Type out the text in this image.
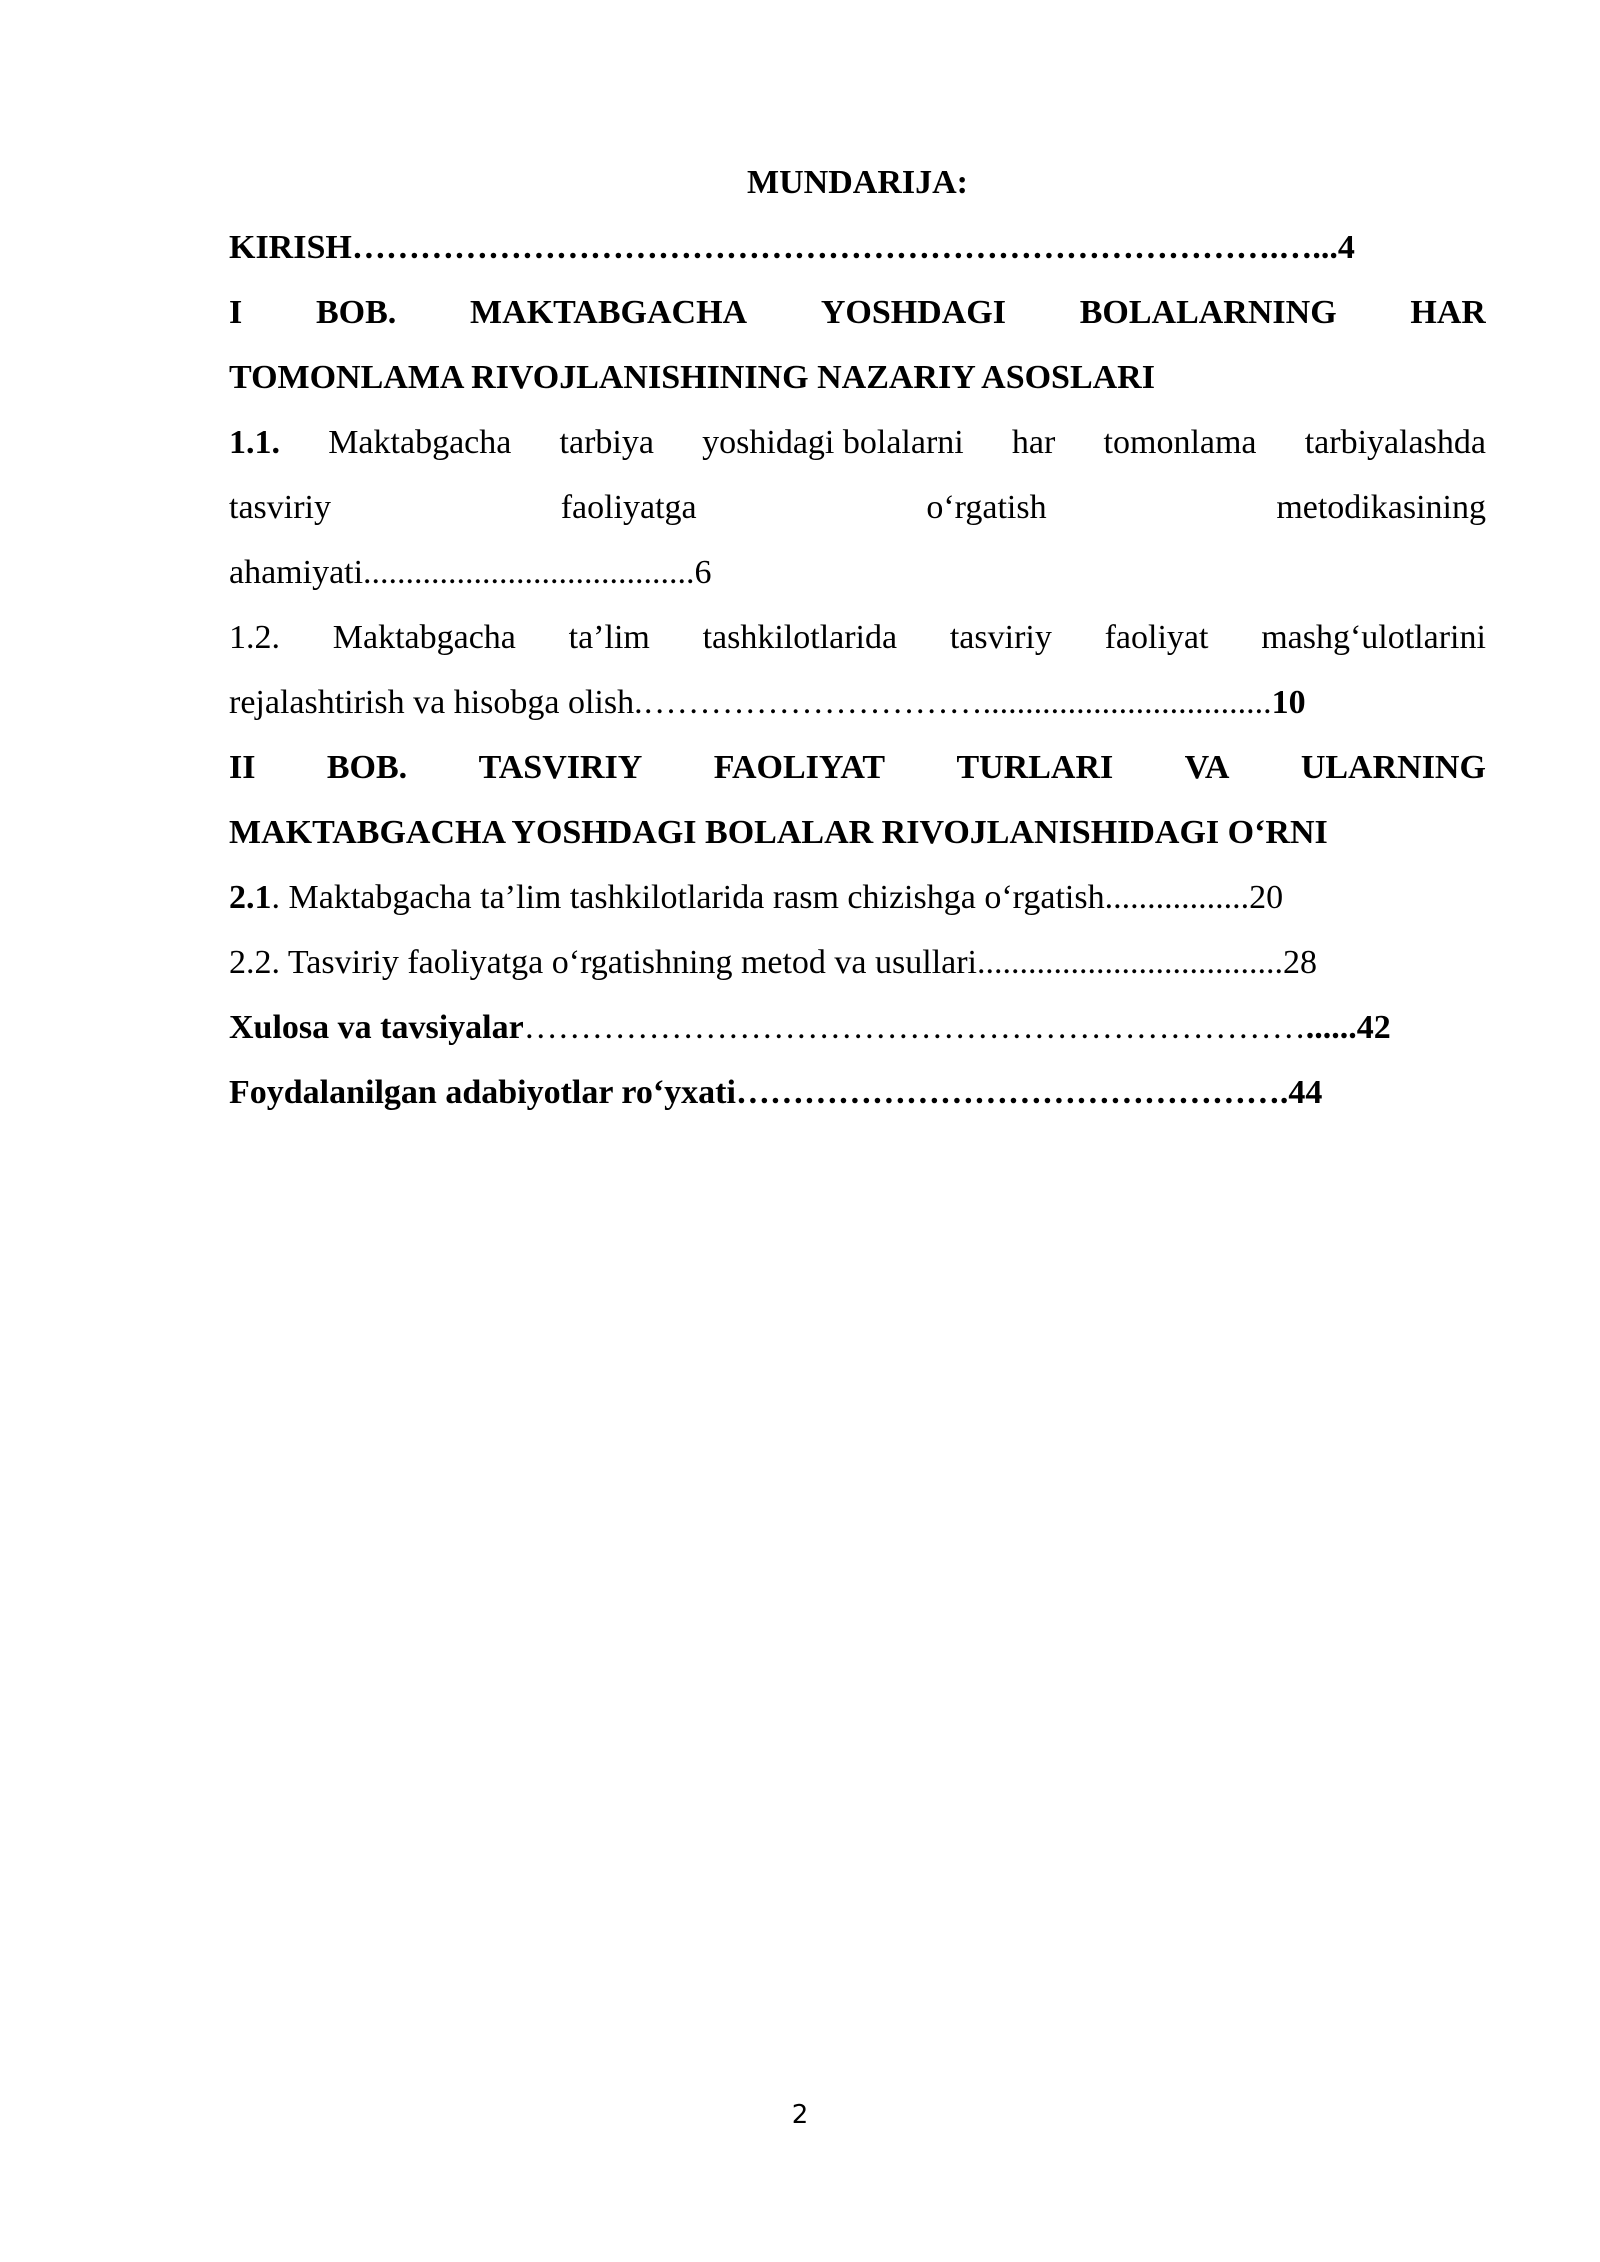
MUNDARIJA:

KIRISH……………………………………………………………………….…...4

I BOB. MAKTABGACHA YOSHDAGI BOLALARNING HAR

TOMONLAMA RIVOJLANISHINING NAZARIY ASOSLARI

1.1. Maktabgacha tarbiya yoshidagi bolalarni har tomonlama tarbiyalashda

tasviriy	faoliyatga	o‘rgatish	metodikasining

ahamiyati.......................................6

1.2. Maktabgacha ta’lim tashkilotlarida tasviriy faoliyat mashg‘ulotlarini

rejalashtirish va hisobga olish.…………………………..................................10

II BOB. TASVIRIY FAOLIYAT TURLARI VA ULARNING

MAKTABGACHA YOSHDAGI BOLALAR RIVOJLANISHIDAGI O‘RNI

2.1. Maktabgacha ta’lim tashkilotlarida rasm chizishga o‘rgatish.................20

2.2. Tasviriy faoliyatga o‘rgatishning metod va usullari....................................28

Xulosa va tavsiyalar……………………………………………………………......42

Foydalanilgan adabiyotlar ro‘yxati………………………………………….44

2
